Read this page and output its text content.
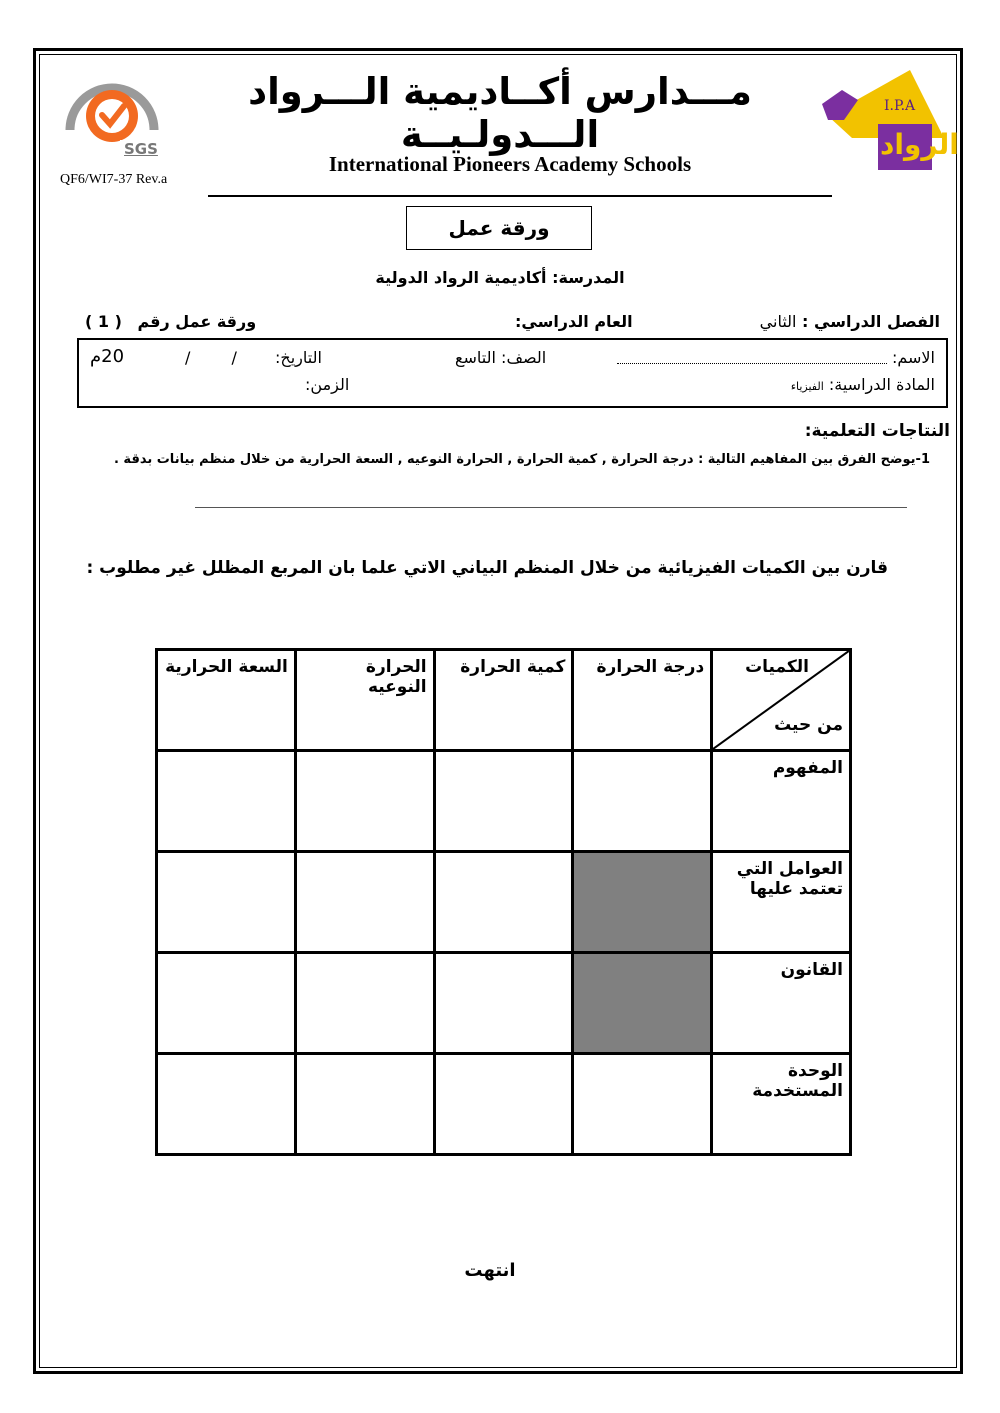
SGS
QF6/WI7-37 Rev.a
I.P.A
الرواد
مـــدارس أكــاديمية الـــرواد الـــدولـيــة
International Pioneers Academy Schools
ورقة عمل
المدرسة: أكاديمية الرواد الدولية
الفصل الدراسي : الثاني
العام الدراسي:
ورقة عمل رقم ( 1 )
الاسم:
الصف: التاسع
التاريخ:
/ /
20م
المادة الدراسية: الفيزياء
الزمن:
النتاجات التعلمية:
1-يوضح الفرق بين المفاهيم التالية : درجة الحرارة , كمية الحرارة , الحرارة النوعيه , السعة الحرارية من خلال منظم بيانات بدقة .
قارن بين الكميات الفيزيائية من خلال المنظم البياني الاتي علما بان المربع المظلل غير مطلوب :
الكميات
من حيث	درجة الحرارة	كمية الحرارة	الحرارة النوعيه	السعة الحرارية
المفهوم				
العوامل التي تعتمد عليها				
القانون				
الوحدة المستخدمة				
انتهت
